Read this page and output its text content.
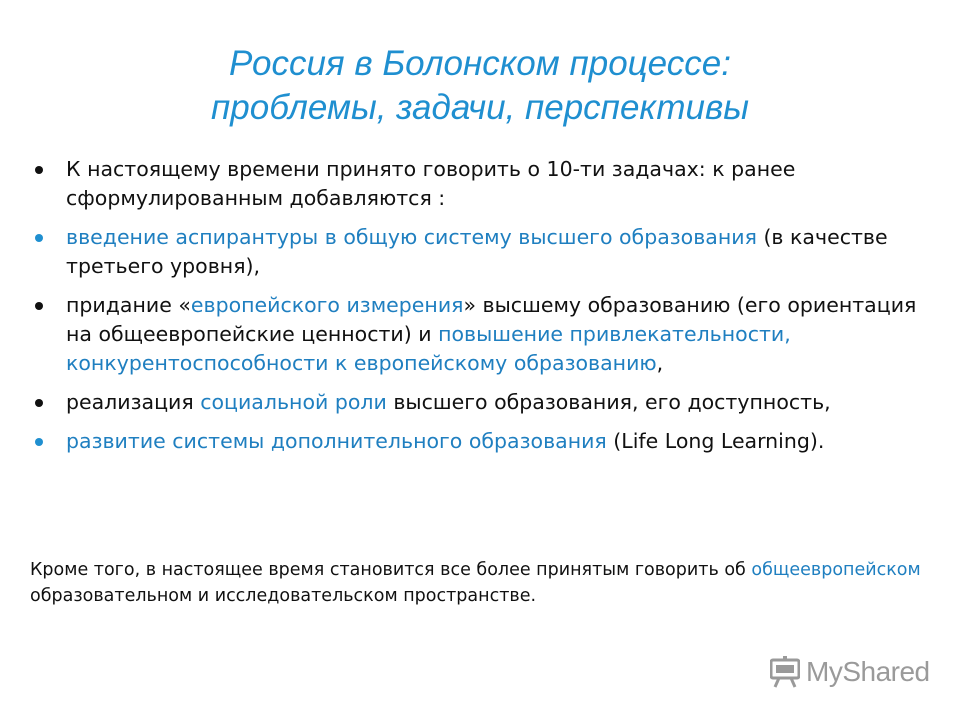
Россия в Болонском процессе:
проблемы, задачи, перспективы
К настоящему времени принято говорить о 10-ти задачах: к ранее сформулированным добавляются :
введение аспирантуры в общую систему высшего образования (в качестве третьего уровня),
придание «европейского измерения» высшему образованию (его ориентация на общеевропейские ценности) и повышение привлекательности, конкурентоспособности к европейскому образованию,
реализация социальной роли высшего образования, его доступность,
развитие системы дополнительного образования (Life Long Learning).

Кроме того, в настоящее время становится все более принятым говорить об общеевропейском образовательном и исследовательском пространстве.

MyShared
